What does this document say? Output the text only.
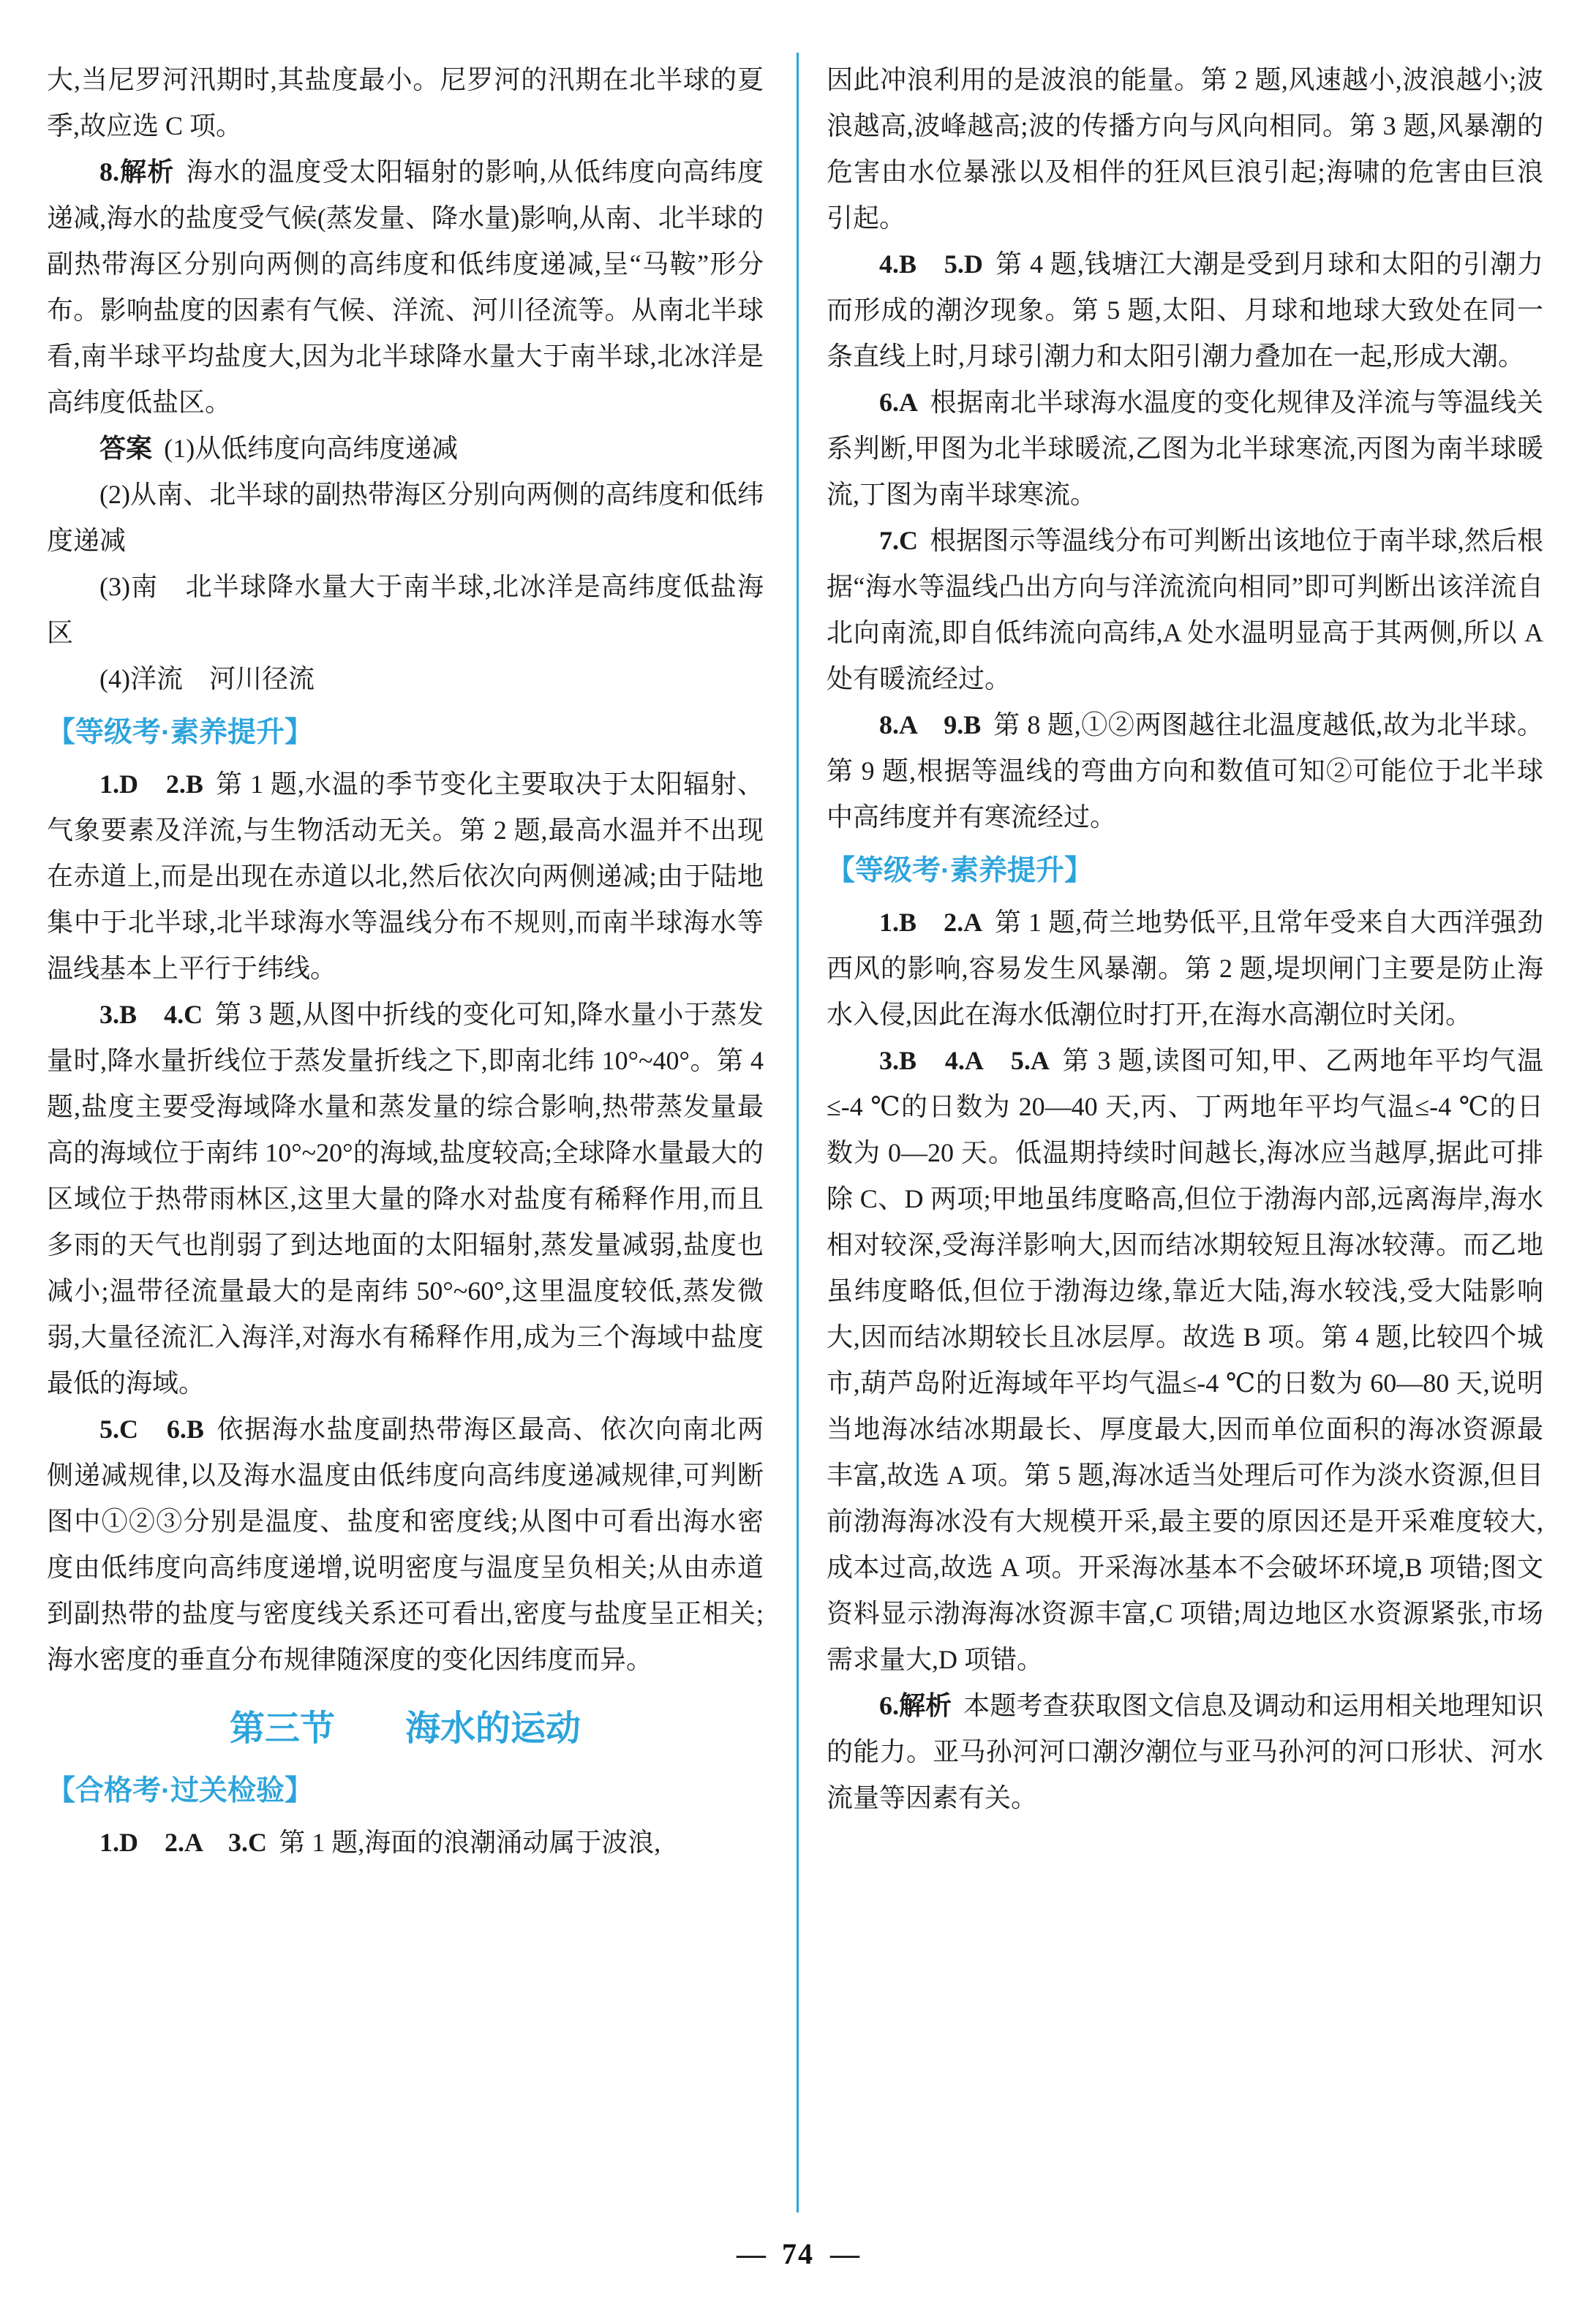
大,当尼罗河汛期时,其盐度最小。尼罗河的汛期在北半球的夏季,故应选 C 项。

8.解析 海水的温度受太阳辐射的影响,从低纬度向高纬度递减,海水的盐度受气候(蒸发量、降水量)影响,从南、北半球的副热带海区分别向两侧的高纬度和低纬度递减,呈“马鞍”形分布。影响盐度的因素有气候、洋流、河川径流等。从南北半球看,南半球平均盐度大,因为北半球降水量大于南半球,北冰洋是高纬度低盐区。

答案 (1)从低纬度向高纬度递减

(2)从南、北半球的副热带海区分别向两侧的高纬度和低纬度递减

(3)南　北半球降水量大于南半球,北冰洋是高纬度低盐海区

(4)洋流　河川径流

【等级考·素养提升】

1.D　2.B 第 1 题,水温的季节变化主要取决于太阳辐射、气象要素及洋流,与生物活动无关。第 2 题,最高水温并不出现在赤道上,而是出现在赤道以北,然后依次向两侧递减;由于陆地集中于北半球,北半球海水等温线分布不规则,而南半球海水等温线基本上平行于纬线。

3.B　4.C 第 3 题,从图中折线的变化可知,降水量小于蒸发量时,降水量折线位于蒸发量折线之下,即南北纬 10°~40°。第 4 题,盐度主要受海域降水量和蒸发量的综合影响,热带蒸发量最高的海域位于南纬 10°~20°的海域,盐度较高;全球降水量最大的区域位于热带雨林区,这里大量的降水对盐度有稀释作用,而且多雨的天气也削弱了到达地面的太阳辐射,蒸发量减弱,盐度也减小;温带径流量最大的是南纬 50°~60°,这里温度较低,蒸发微弱,大量径流汇入海洋,对海水有稀释作用,成为三个海域中盐度最低的海域。

5.C　6.B 依据海水盐度副热带海区最高、依次向南北两侧递减规律,以及海水温度由低纬度向高纬度递减规律,可判断图中①②③分别是温度、盐度和密度线;从图中可看出海水密度由低纬度向高纬度递增,说明密度与温度呈负相关;从由赤道到副热带的盐度与密度线关系还可看出,密度与盐度呈正相关;海水密度的垂直分布规律随深度的变化因纬度而异。

第三节　　海水的运动
【合格考·过关检验】

1.D　2.A　3.C 第 1 题,海面的浪潮涌动属于波浪,

因此冲浪利用的是波浪的能量。第 2 题,风速越小,波浪越小;波浪越高,波峰越高;波的传播方向与风向相同。第 3 题,风暴潮的危害由水位暴涨以及相伴的狂风巨浪引起;海啸的危害由巨浪引起。

4.B　5.D 第 4 题,钱塘江大潮是受到月球和太阳的引潮力而形成的潮汐现象。第 5 题,太阳、月球和地球大致处在同一条直线上时,月球引潮力和太阳引潮力叠加在一起,形成大潮。

6.A 根据南北半球海水温度的变化规律及洋流与等温线关系判断,甲图为北半球暖流,乙图为北半球寒流,丙图为南半球暖流,丁图为南半球寒流。

7.C 根据图示等温线分布可判断出该地位于南半球,然后根据“海水等温线凸出方向与洋流流向相同”即可判断出该洋流自北向南流,即自低纬流向高纬,A 处水温明显高于其两侧,所以 A 处有暖流经过。

8.A　9.B 第 8 题,①②两图越往北温度越低,故为北半球。第 9 题,根据等温线的弯曲方向和数值可知②可能位于北半球中高纬度并有寒流经过。

【等级考·素养提升】

1.B　2.A 第 1 题,荷兰地势低平,且常年受来自大西洋强劲西风的影响,容易发生风暴潮。第 2 题,堤坝闸门主要是防止海水入侵,因此在海水低潮位时打开,在海水高潮位时关闭。

3.B　4.A　5.A 第 3 题,读图可知,甲、乙两地年平均气温≤-4 ℃的日数为 20—40 天,丙、丁两地年平均气温≤-4 ℃的日数为 0—20 天。低温期持续时间越长,海冰应当越厚,据此可排除 C、D 两项;甲地虽纬度略高,但位于渤海内部,远离海岸,海水相对较深,受海洋影响大,因而结冰期较短且海冰较薄。而乙地虽纬度略低,但位于渤海边缘,靠近大陆,海水较浅,受大陆影响大,因而结冰期较长且冰层厚。故选 B 项。第 4 题,比较四个城市,葫芦岛附近海域年平均气温≤-4 ℃的日数为 60—80 天,说明当地海冰结冰期最长、厚度最大,因而单位面积的海冰资源最丰富,故选 A 项。第 5 题,海冰适当处理后可作为淡水资源,但目前渤海海冰没有大规模开采,最主要的原因还是开采难度较大,成本过高,故选 A 项。开采海冰基本不会破坏环境,B 项错;图文资料显示渤海海冰资源丰富,C 项错;周边地区水资源紧张,市场需求量大,D 项错。

6.解析 本题考查获取图文信息及调动和运用相关地理知识的能力。亚马孙河河口潮汐潮位与亚马孙河的河口形状、河水流量等因素有关。

— 74 —
